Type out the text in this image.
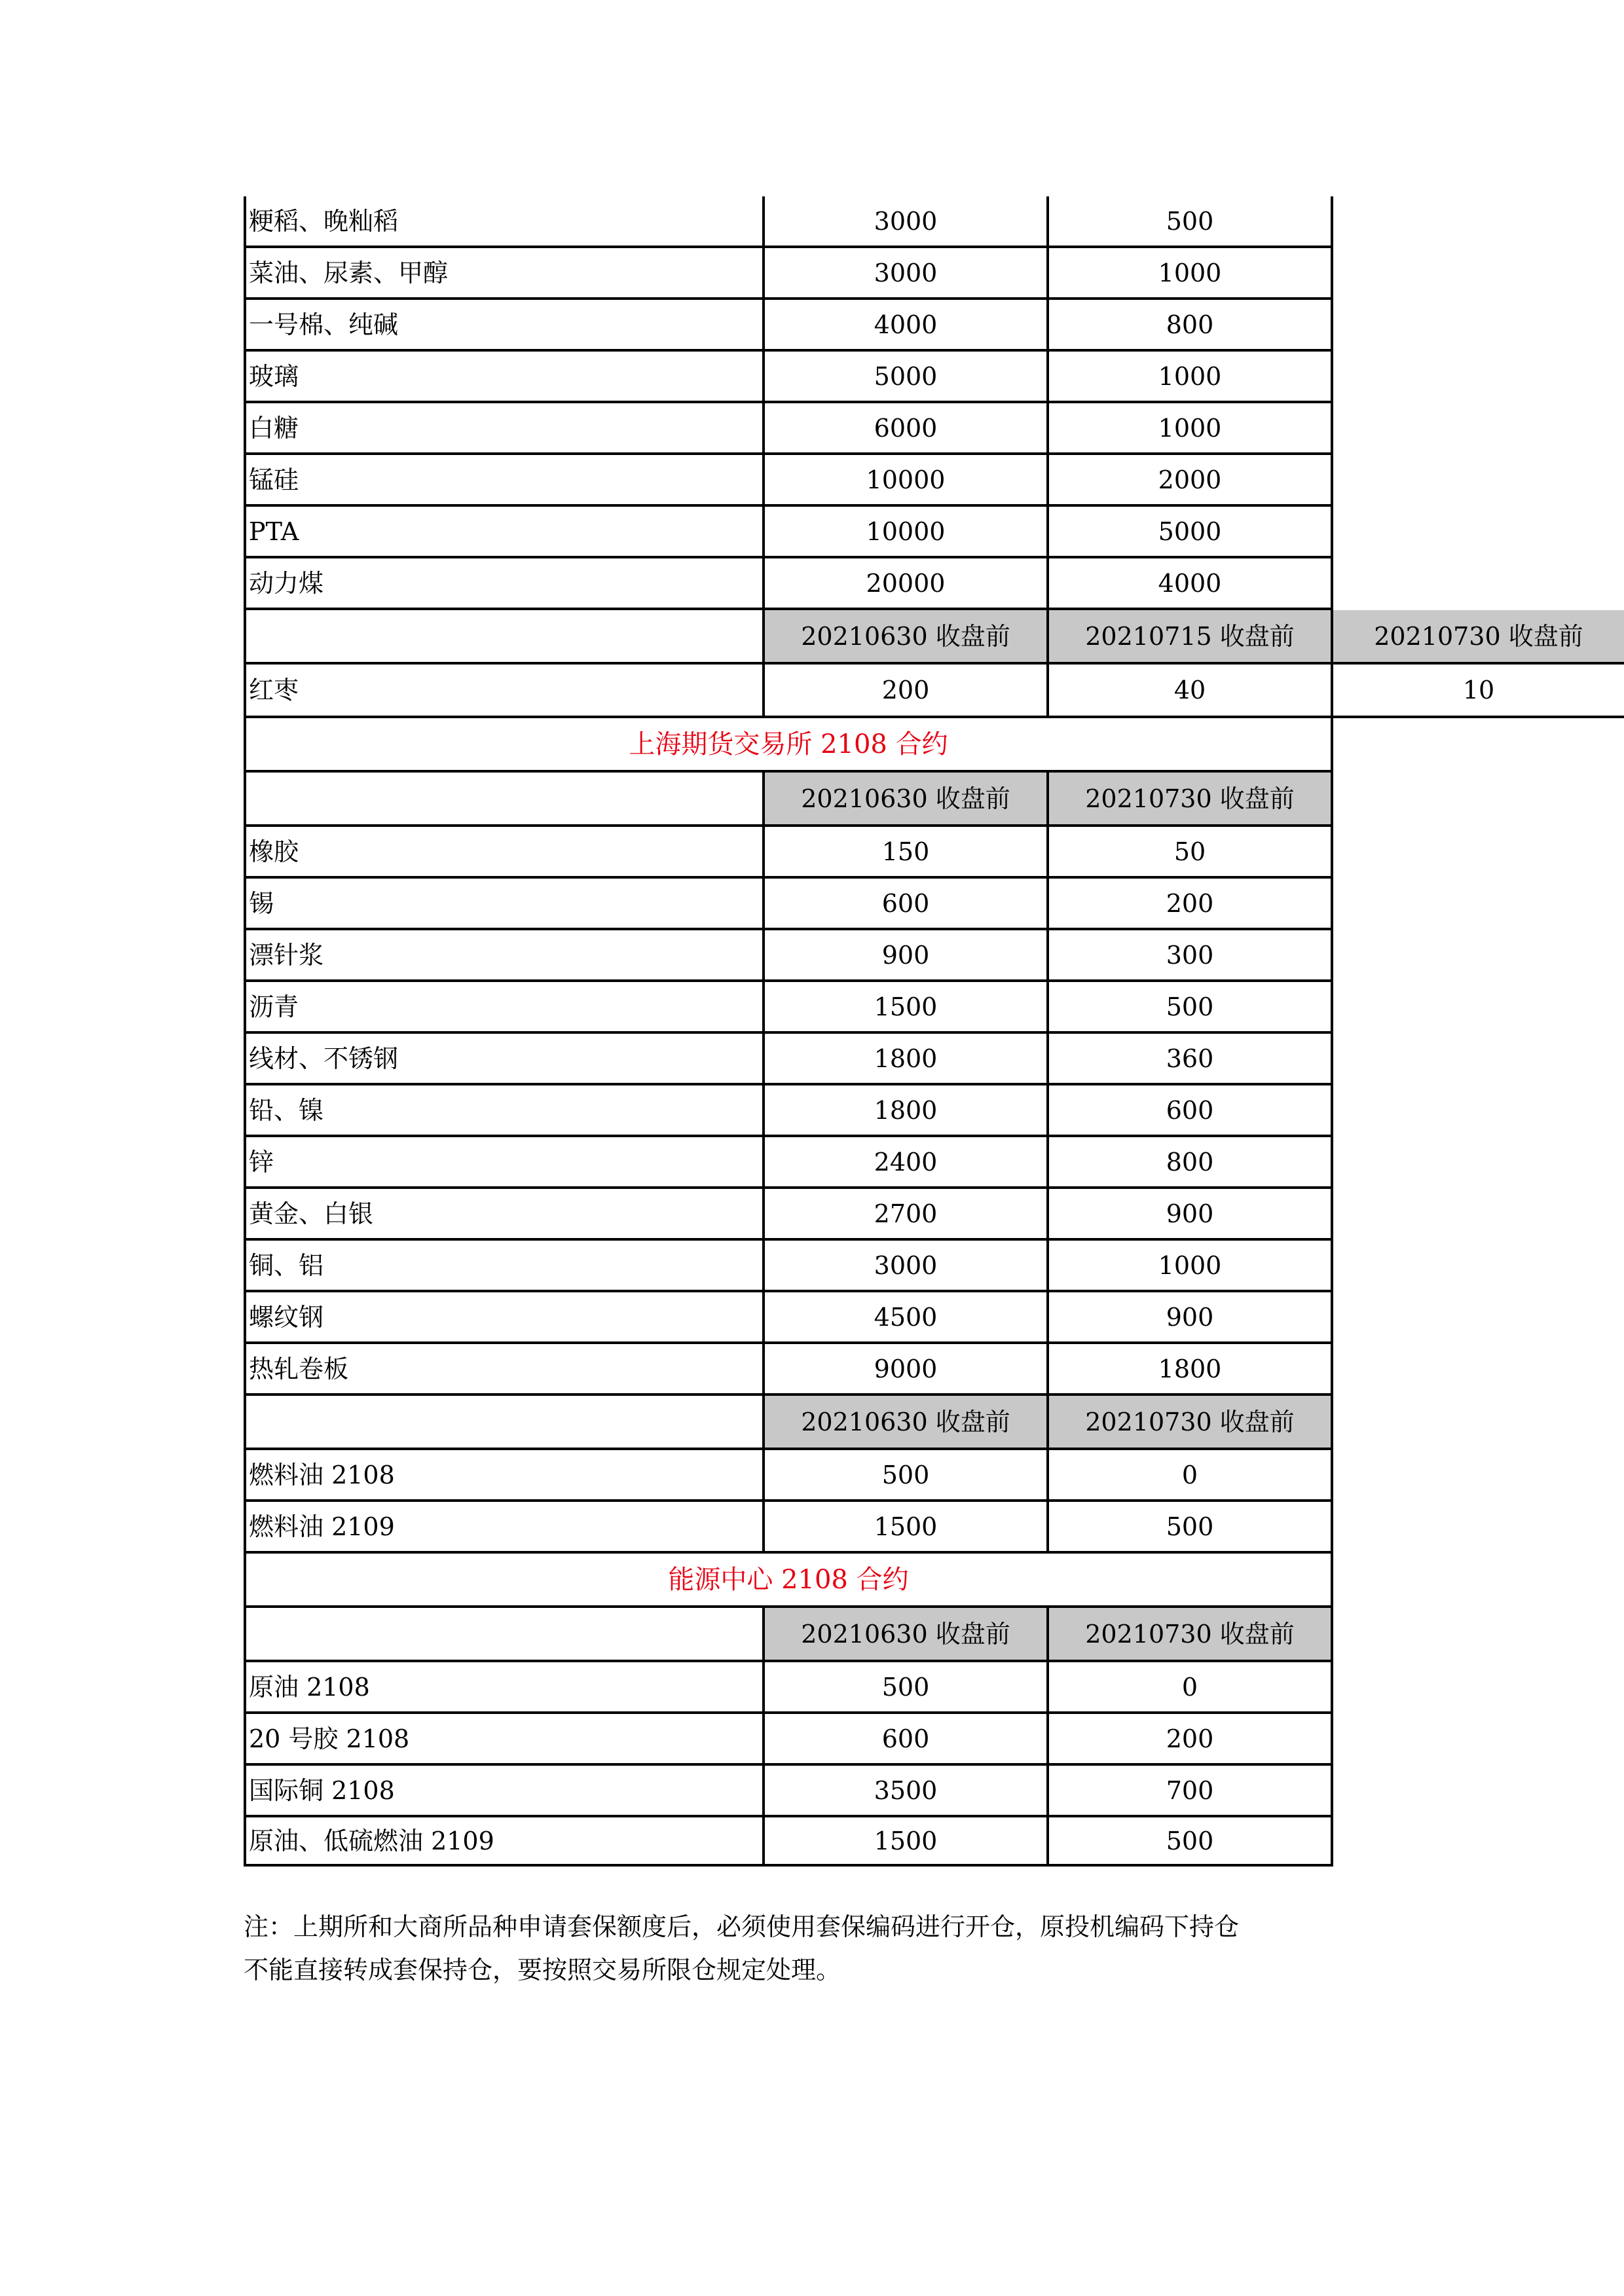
粳稻、晚籼稻	3000	500
菜油、尿素、甲醇	3000	1000
一号棉、纯碱	4000	800
玻璃	5000	1000
白糖	6000	1000
锰硅	10000	2000
PTA	10000	5000
动力煤	20000	4000
20210630 收盘前	20210715 收盘前	20210730 收盘前
红枣	200	40	10
上海期货交易所 2108 合约
20210630 收盘前	20210730 收盘前
橡胶	150	50
锡	600	200
漂针浆	900	300
沥青	1500	500
线材、不锈钢	1800	360
铅、镍	1800	600
锌	2400	800
黄金、白银	2700	900
铜、铝	3000	1000
螺纹钢	4500	900
热轧卷板	9000	1800
20210630 收盘前	20210730 收盘前
燃料油 2108	500	0
燃料油 2109	1500	500
能源中心 2108 合约
20210630 收盘前	20210730 收盘前
原油 2108	500	0
20 号胶 2108	600	200
国际铜 2108	3500	700
原油、低硫燃油 2109	1500	500
注：上期所和大商所品种申请套保额度后，必须使用套保编码进行开仓，原投机编码下持仓
不能直接转成套保持仓，要按照交易所限仓规定处理。
